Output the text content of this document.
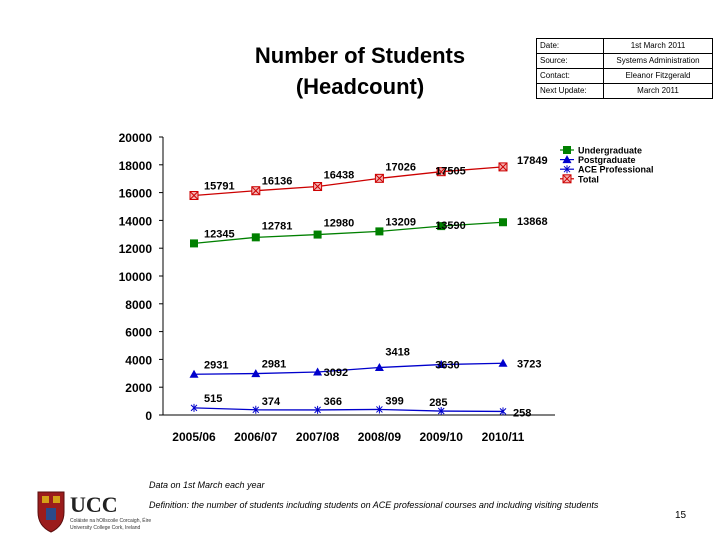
Number of Students
(Headcount)
Date:	1st March 2011
Source:	Systems Administration
Contact:	Eleanor Fitzgerald
Next Update:	March 2011
0
2000
4000
6000
8000
10000
12000
14000
16000
18000
20000
2005/06 2006/07 2007/08 2008/09 2009/10 2010/11
12345
12781	12980	13209 13590	13868
2931	2981
3092
3418
3630	3723
515	374	366	399 285
258
15791 16136
16438
17026 17505
17849
Undergraduate
Postgraduate
ACE Professional
Total
Data on 1st March each year
Definition: the number of students including students on ACE professional courses and including visiting students
15
UCC
Coláiste na hOllscoile Corcaigh, Éire
University College Cork, Ireland
